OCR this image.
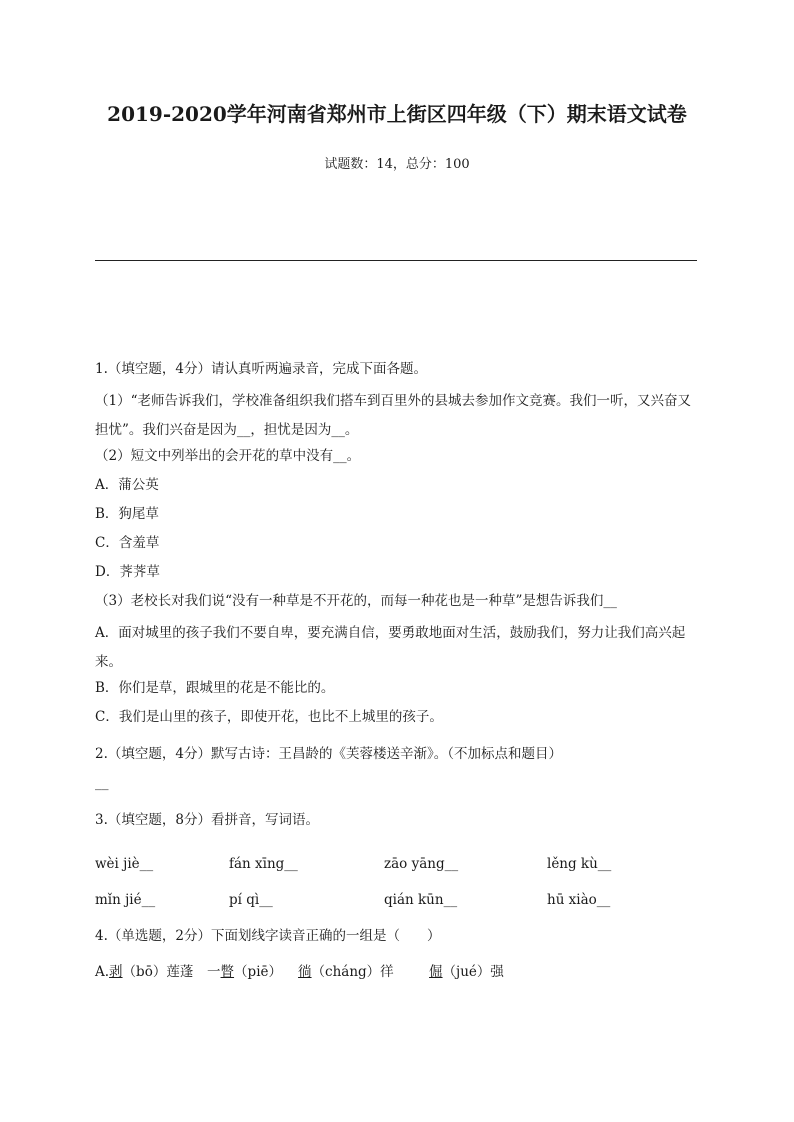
2019-2020学年河南省郑州市上街区四年级（下）期末语文试卷
试题数：14，总分：100
1.（填空题，4分）请认真听两遍录音，完成下面各题。
（1）“老师告诉我们，学校准备组织我们搭车到百里外的县城去参加作文竞赛。我们一听，又兴奋又担忧”。我们兴奋是因为__，担忧是因为__。
（2）短文中列举出的会开花的草中没有__。
A．蒲公英
B．狗尾草
C．含羞草
D．荠荠草
（3）老校长对我们说“没有一种草是不开花的，而每一种花也是一种草”是想告诉我们__
A．面对城里的孩子我们不要自卑，要充满自信，要勇敢地面对生活，鼓励我们，努力让我们高兴起来。
B．你们是草，跟城里的花是不能比的。
C．我们是山里的孩子，即使开花，也比不上城里的孩子。
2.（填空题，4分）默写古诗：王昌龄的《芙蓉楼送辛渐》。（不加标点和题目）
__
3.（填空题，8分）看拼音，写词语。
wèi jiè__	fán xīng__	zāo yāng__	lěng kù__
mǐn jié__	pí qì__	qián kūn__	hū xiào__
4.（单选题，2分）下面划线字读音正确的一组是（　　）
A.剥（bō）莲蓬 一瞥（piē） 徜（cháng）徉	倔（jué）强
